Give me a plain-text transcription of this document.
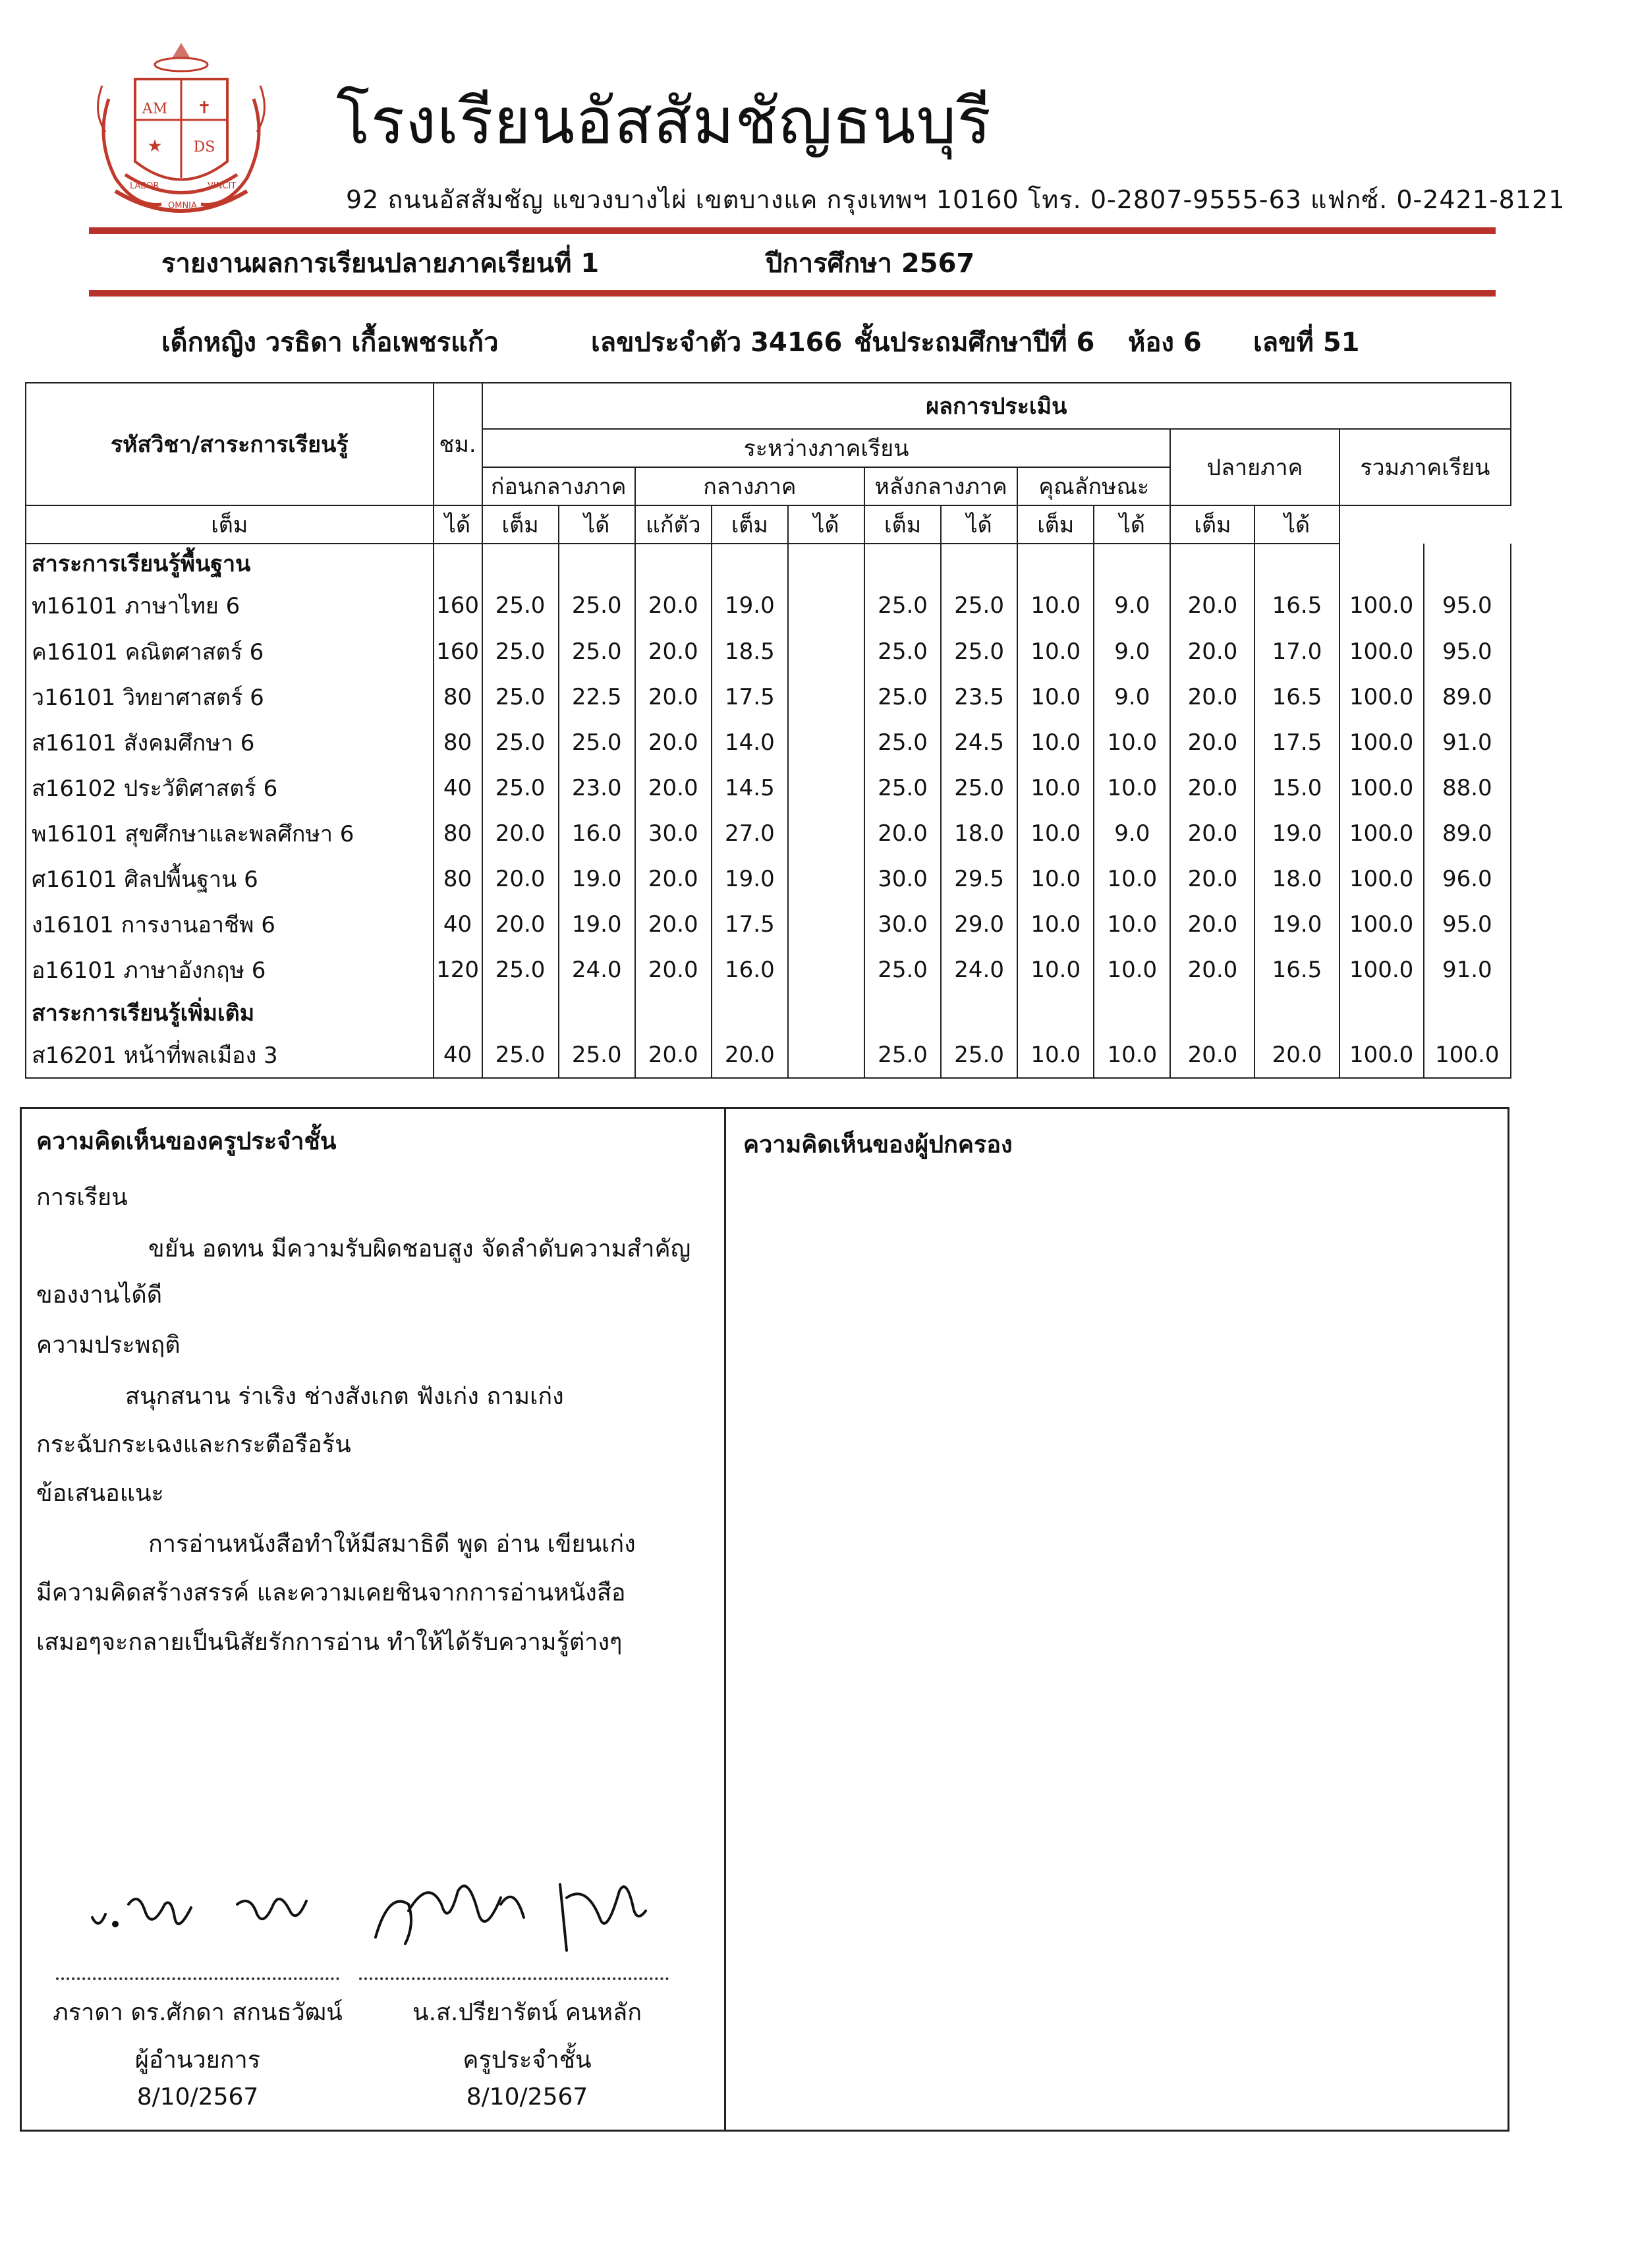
AM
DS
★
✝
LABOR
OMNIA
VINCIT
โรงเรียนอัสสัมชัญธนบุรี
92 ถนนอัสสัมชัญ แขวงบางไผ่ เขตบางแค กรุงเทพฯ 10160 โทร. 0-2807-9555-63 แฟกซ์. 0-2421-8121
รายงานผลการเรียนปลายภาคเรียนที่ 1	ปีการศึกษา 2567
เด็กหญิง วรธิดา เกื้อเพชรแก้ว	เลขประจำตัว 34166 ชั้นประถมศึกษาปีที่ 6 ห้อง 6 เลขที่ 51
รหัสวิชา/สาระการเรียนรู้	ชม.	ผลการประเมิน												
		ระหว่างภาคเรียน									ปลายภาค		รวมภาคเรียน	
		ก่อนกลางภาค		กลางภาค			หลังกลางภาค		คุณลักษณะ					
เต็ม	ได้	เต็ม	ได้	แก้ตัว	เต็ม	ได้	เต็ม	ได้	เต็ม	ได้	เต็ม	ได้		
สาระการเรียนรู้พื้นฐาน														
ท16101 ภาษาไทย 6	160	25.0	25.0	20.0	19.0		25.0	25.0	10.0	9.0	20.0	16.5	100.0	95.0
ค16101 คณิตศาสตร์ 6	160	25.0	25.0	20.0	18.5		25.0	25.0	10.0	9.0	20.0	17.0	100.0	95.0
ว16101 วิทยาศาสตร์ 6	80	25.0	22.5	20.0	17.5		25.0	23.5	10.0	9.0	20.0	16.5	100.0	89.0
ส16101 สังคมศึกษา 6	80	25.0	25.0	20.0	14.0		25.0	24.5	10.0	10.0	20.0	17.5	100.0	91.0
ส16102 ประวัติศาสตร์ 6	40	25.0	23.0	20.0	14.5		25.0	25.0	10.0	10.0	20.0	15.0	100.0	88.0
พ16101 สุขศึกษาและพลศึกษา 6	80	20.0	16.0	30.0	27.0		20.0	18.0	10.0	9.0	20.0	19.0	100.0	89.0
ศ16101 ศิลปพื้นฐาน 6	80	20.0	19.0	20.0	19.0		30.0	29.5	10.0	10.0	20.0	18.0	100.0	96.0
ง16101 การงานอาชีพ 6	40	20.0	19.0	20.0	17.5		30.0	29.0	10.0	10.0	20.0	19.0	100.0	95.0
อ16101 ภาษาอังกฤษ 6	120	25.0	24.0	20.0	16.0		25.0	24.0	10.0	10.0	20.0	16.5	100.0	91.0
สาระการเรียนรู้เพิ่มเติม														
ส16201 หน้าที่พลเมือง 3	40	25.0	25.0	20.0	20.0		25.0	25.0	10.0	10.0	20.0	20.0	100.0	100.0
ความคิดเห็นของครูประจำชั้น	ความคิดเห็นของผู้ปกครอง
การเรียน
ขยัน อดทน มีความรับผิดชอบสูง จัดลำดับความสำคัญ
ของงานได้ดี
ความประพฤติ
สนุกสนาน ร่าเริง ช่างสังเกต ฟังเก่ง ถามเก่ง
กระฉับกระเฉงและกระตือรือร้น
ข้อเสนอแนะ
การอ่านหนังสือทำให้มีสมาธิดี พูด อ่าน เขียนเก่ง
มีความคิดสร้างสรรค์ และความเคยชินจากการอ่านหนังสือ
เสมอๆจะกลายเป็นนิสัยรักการอ่าน ทำให้ได้รับความรู้ต่างๆ
ภราดา ดร.ศักดา สกนธวัฒน์
ผู้อำนวยการ
8/10/2567
น.ส.ปรียารัตน์ คนหลัก
ครูประจำชั้น
8/10/2567
